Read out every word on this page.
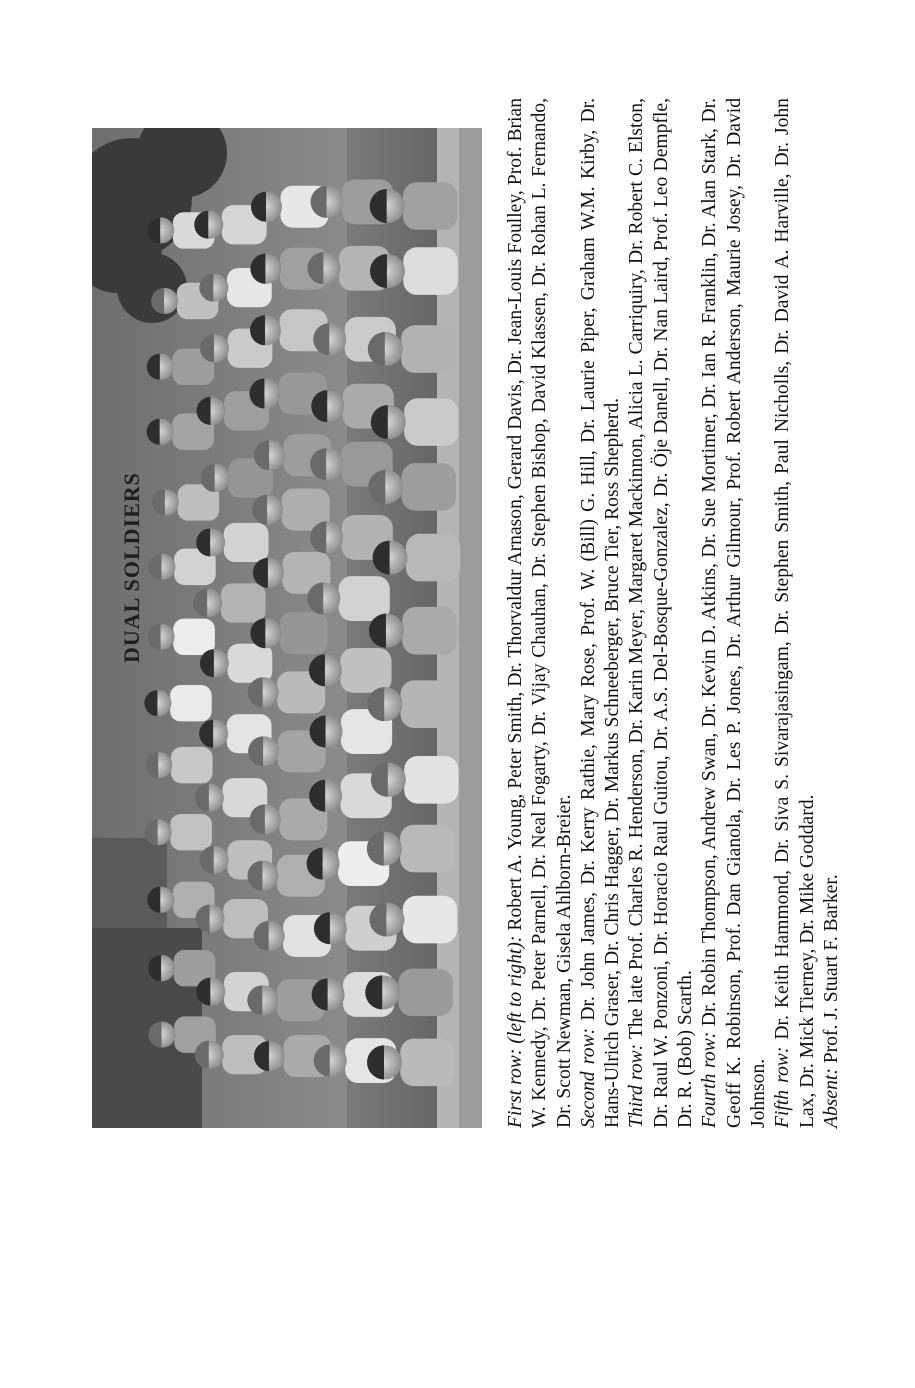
DUAL SOLDIERS

First row: (left to right): Robert A. Young, Peter Smith, Dr. Thorvaldur Arnason, Gerard Davis, Dr. Jean-Louis Foulley, Prof. Brian W. Kennedy, Dr. Peter Parnell, Dr. Neal Fogarty, Dr. Vijay Chauhan, Dr. Stephen Bishop, David Klassen, Dr. Rohan L. Fernando, Dr. Scott Newman, Gisela Ahlborn-Breier. Second row: Dr. John James, Dr. Kerry Rathie, Mary Rose, Prof. W. (Bill) G. Hill, Dr. Laurie Piper, Graham W.M. Kirby, Dr. Hans-Ulrich Graser, Dr. Chris Hagger, Dr. Markus Schneeberger, Bruce Tier, Ross Shepherd. Third row: The late Prof. Charles R. Henderson, Dr. Karin Meyer, Margaret Mackinnon, Alicia L. Carriquiry, Dr. Robert C. Elston, Dr. Raul W. Ponzoni, Dr. Horacio Raul Guitou, Dr. A.S. Del-Bosque-Gonzalez, Dr. Öje Danell, Dr. Nan Laird, Prof. Leo Dempfle, Dr. R. (Bob) Scarth. Fourth row: Dr. Robin Thompson, Andrew Swan, Dr. Kevin D. Atkins, Dr. Sue Mortimer, Dr. Ian R. Franklin, Dr. Alan Stark, Dr. Geoff K. Robinson, Prof. Dan Gianola, Dr. Les P. Jones, Dr. Arthur Gilmour, Prof. Robert Anderson, Maurie Josey, Dr. David Johnson. Fifth row: Dr. Keith Hammond, Dr. Siva S. Sivarajasingam, Dr. Stephen Smith, Paul Nicholls, Dr. David A. Harville, Dr. John Lax, Dr. Mick Tierney, Dr. Mike Goddard. Absent: Prof. J. Stuart F. Barker.
